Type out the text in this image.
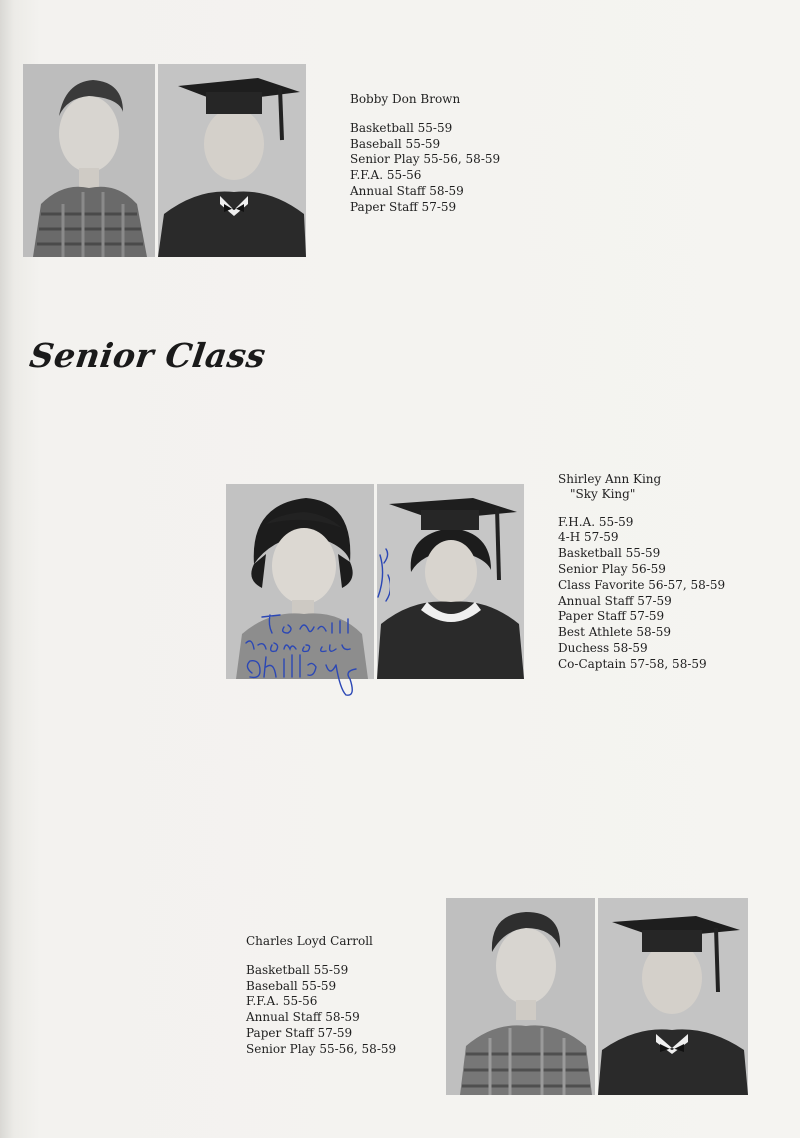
Bobby Don Brown
Basketball 55-59
Baseball 55-59
Senior Play 55-56, 58-59
F.F.A. 55-56
Annual Staff 58-59
Paper Staff 57-59
Senior Class
Shirley Ann King
"Sky King"
F.H.A. 55-59
4-H 57-59
Basketball 55-59
Senior Play 56-59
Class Favorite 56-57, 58-59
Annual Staff 57-59
Paper Staff 57-59
Best Athlete 58-59
Duchess 58-59
Co-Captain 57-58, 58-59
Charles Loyd Carroll
Basketball 55-59
Baseball 55-59
F.F.A. 55-56
Annual Staff 58-59
Paper Staff 57-59
Senior Play 55-56, 58-59
